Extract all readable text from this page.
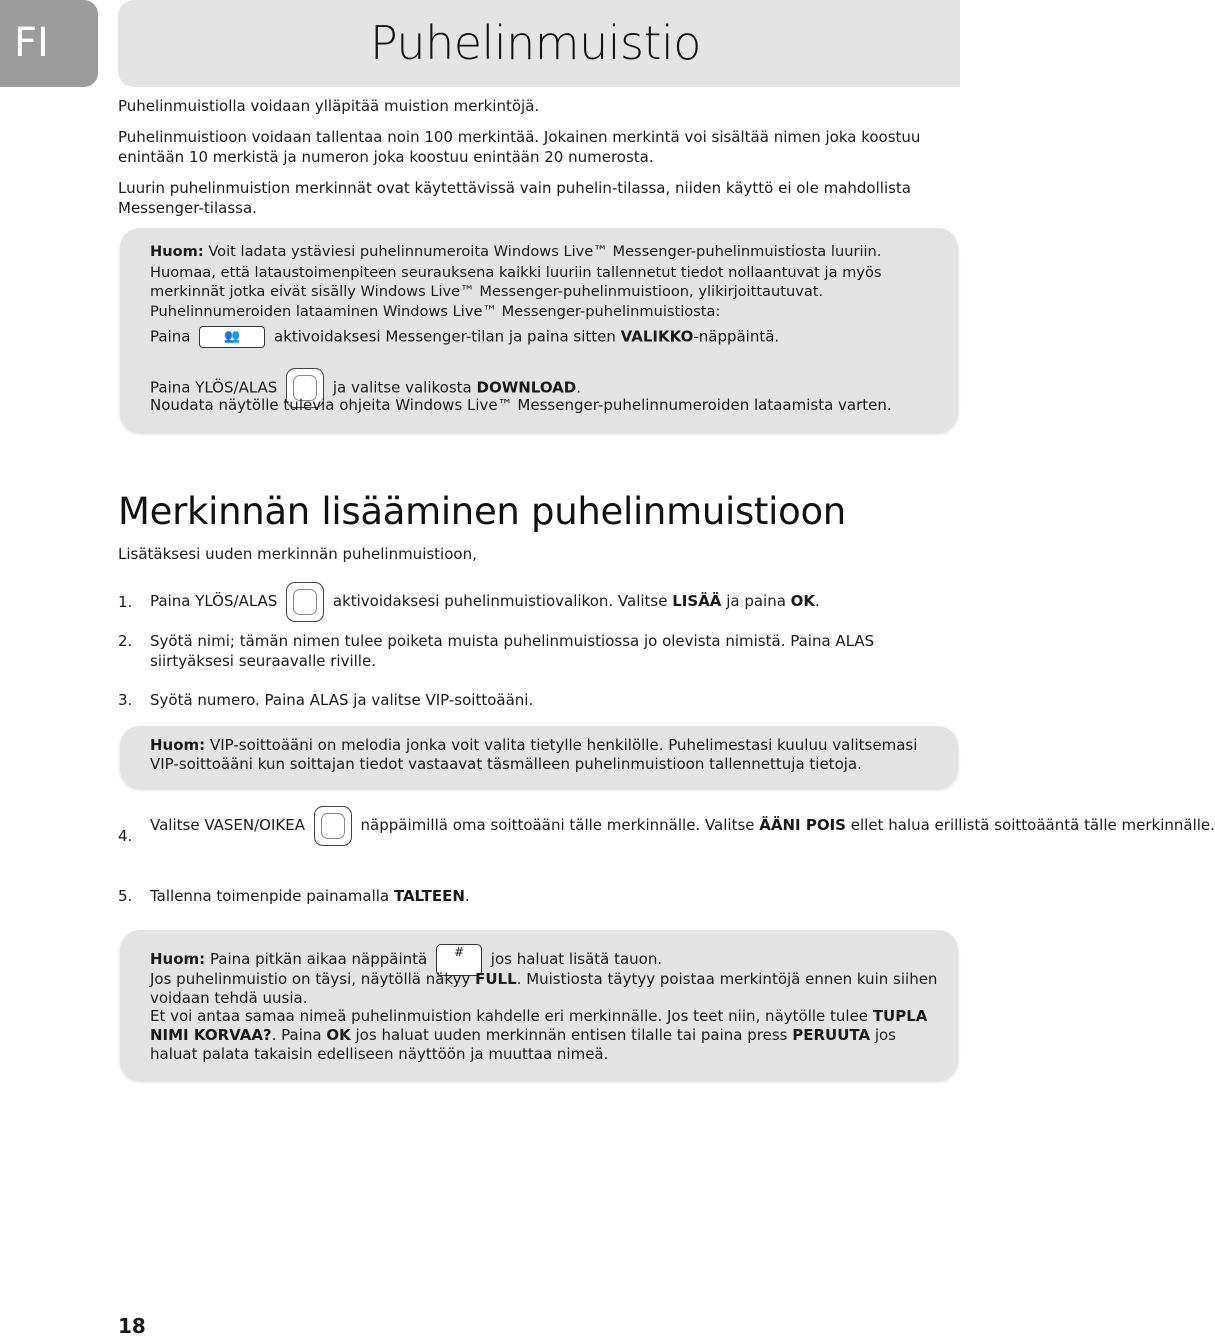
FI	Puhelinmuistio
Puhelinmuistiolla voidaan ylläpitää muistion merkintöjä.
Puhelinmuistioon voidaan tallentaa noin 100 merkintää. Jokainen merkintä voi sisältää nimen joka koostuu enintään 10 merkistä ja numeron joka koostuu enintään 20 numerosta.
Luurin puhelinmuistion merkinnät ovat käytettävissä vain puhelin-tilassa, niiden käyttö ei ole mahdollista Messenger-tilassa.
Huom: Voit ladata ystäviesi puhelinnumeroita Windows Live™ Messenger-puhelinmuistiosta luuriin.
Huomaa, että lataustoimenpiteen seurauksena kaikki luuriin tallennetut tiedot nollaantuvat ja myös merkinnät jotka eivät sisälly Windows Live™ Messenger-puhelinmuistioon, ylikirjoittautuvat.
Puhelinnumeroiden lataaminen Windows Live™ Messenger-puhelinmuistiosta:
Paina	👥 aktivoidaksesi Messenger-tilan ja paina sitten VALIKKO-näppäintä.
Paina YLÖS/ALAS	ja valitse valikosta DOWNLOAD.
Noudata näytölle tulevia ohjeita Windows Live™ Messenger-puhelinnumeroiden lataamista varten.
Merkinnän lisääminen puhelinmuistioon
Lisätäksesi uuden merkinnän puhelinmuistioon,
1. Paina YLÖS/ALAS	aktivoidaksesi puhelinmuistiovalikon. Valitse LISÄÄ ja paina OK.
2. Syötä nimi; tämän nimen tulee poiketa muista puhelinmuistiossa jo olevista nimistä. Paina ALAS siirtyäksesi seuraavalle riville.
3. Syötä numero. Paina ALAS ja valitse VIP-soittoääni.
Huom: VIP-soittoääni on melodia jonka voit valita tietylle henkilölle. Puhelimestasi kuuluu valitsemasi VIP-soittoääni kun soittajan tiedot vastaavat täsmälleen puhelinmuistioon tallennettuja tietoja.
4.
Valitse VASEN/OIKEA	näppäimillä oma soittoääni tälle merkinnälle. Valitse ÄÄNI POIS ellet halua erillistä soittoääntä tälle merkinnälle.
5. Tallenna toimenpide painamalla TALTEEN.
Huom: Paina pitkän aikaa näppäintä # jos haluat lisätä tauon.
Jos puhelinmuistio on täysi, näytöllä näkyy FULL. Muistiosta täytyy poistaa merkintöjä ennen kuin siihen voidaan tehdä uusia.
Et voi antaa samaa nimeä puhelinmuistion kahdelle eri merkinnälle. Jos teet niin, näytölle tulee TUPLA NIMI KORVAA?. Paina OK jos haluat uuden merkinnän entisen tilalle tai paina press PERUUTA jos haluat palata takaisin edelliseen näyttöön ja muuttaa nimeä.
18
